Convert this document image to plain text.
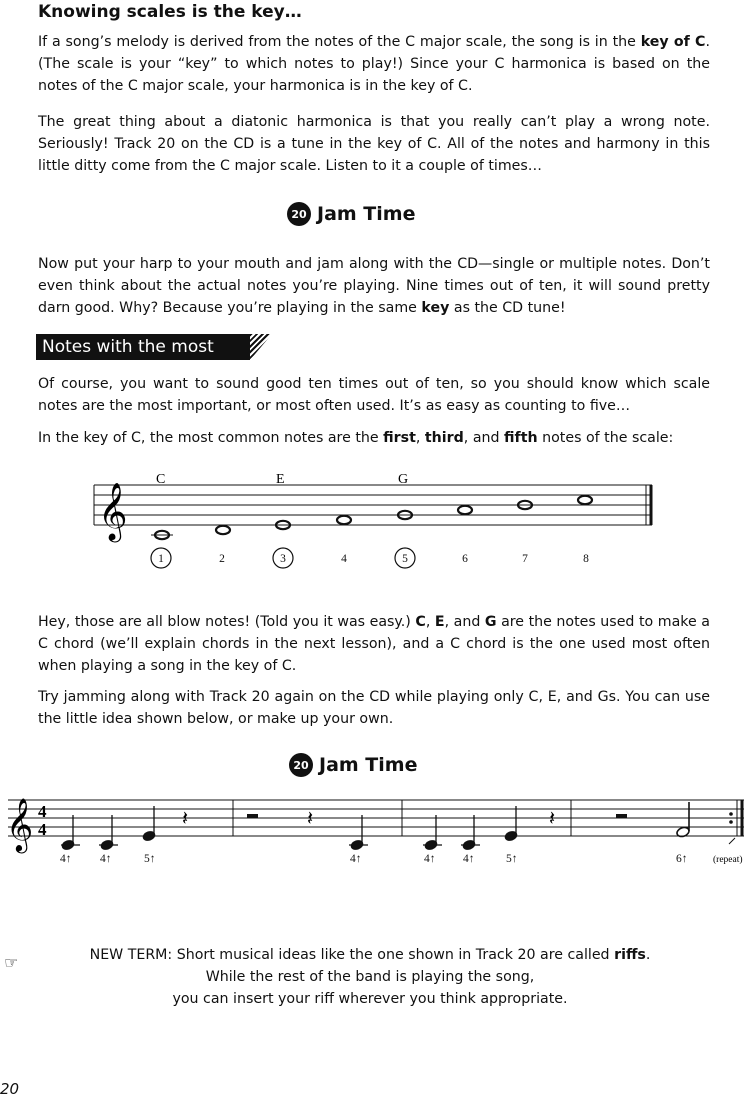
Knowing scales is the key…
If a song’s melody is derived from the notes of the C major scale, the song is in the key of C. (The scale is your “key” to which notes to play!) Since your C harmonica is based on the notes of the C major scale, your harmonica is in the key of C.
The great thing about a diatonic harmonica is that you really can’t play a wrong note. Seriously! Track 20 on the CD is a tune in the key of C. All of the notes and harmony in this little ditty come from the C major scale. Listen to it a couple of times…
20 Jam Time
Now put your harp to your mouth and jam along with the CD—single or multiple notes. Don’t even think about the actual notes you’re playing. Nine times out of ten, it will sound pretty darn good. Why? Because you’re playing in the same key as the CD tune!
Notes with the most
Of course, you want to sound good ten times out of ten, so you should know which scale notes are the most important, or most often used. It’s as easy as counting to five…
In the key of C, the most common notes are the first, third, and fifth notes of the scale:
𝄞
C	E	G
1	2	3	4	5	6	7	8
Hey, those are all blow notes! (Told you it was easy.) C, E, and G are the notes used to make a C chord (we’ll explain chords in the next lesson), and a C chord is the one used most often when playing a song in the key of C.
Try jamming along with Track 20 again on the CD while playing only C, E, and Gs. You can use the little idea shown below, or make up your own.
20 Jam Time
𝄞 4
4	𝄽	𝄽	𝄽
4↑ 4↑	5↑	4↑	4↑ 4↑	5↑	6↑	(repeat)
☞	NEW TERM: Short musical ideas like the one shown in Track 20 are called riffs.
While the rest of the band is playing the song,
you can insert your riff wherever you think appropriate.
20
